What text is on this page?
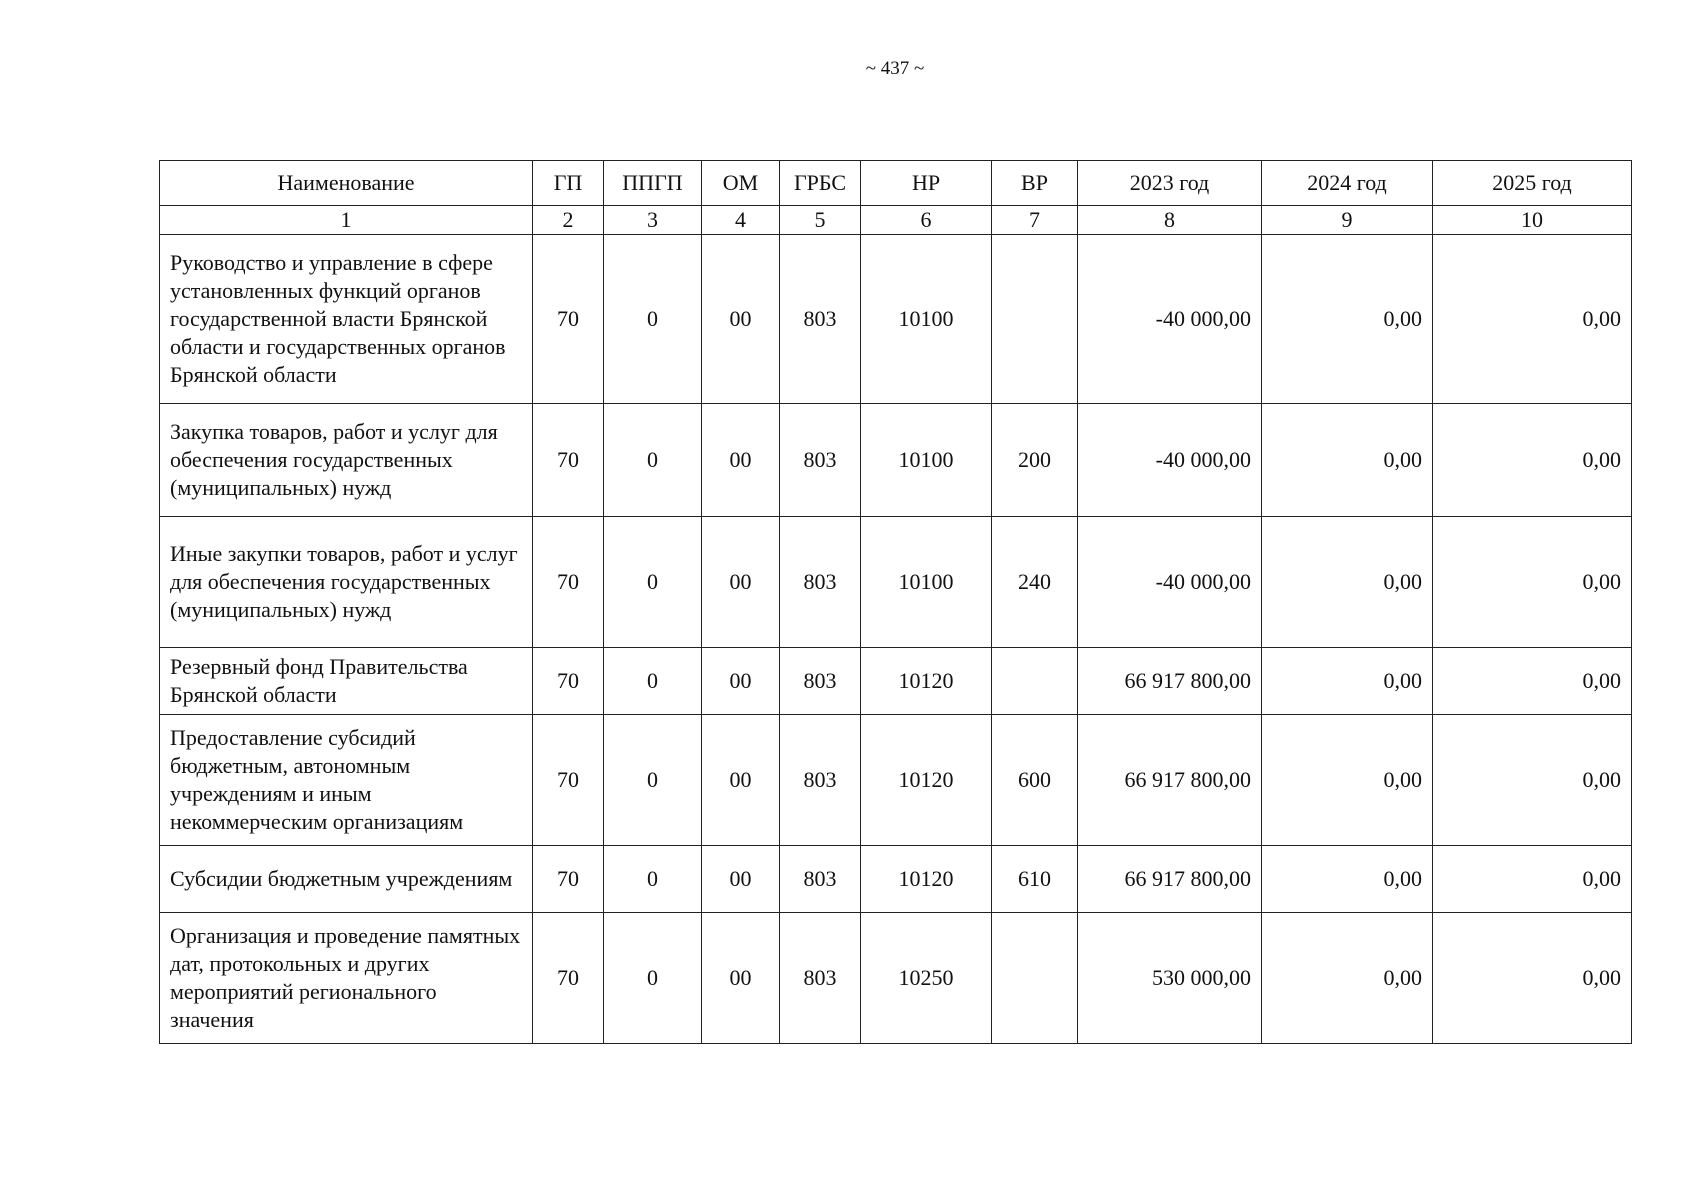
~ 437 ~
Наименование	ГП	ППГП	ОМ	ГРБС	НР	ВР	2023 год	2024 год	2025 год
1	2	3	4	5	6	7	8	9	10
Руководство и управление в сфере установленных функций органов государственной власти Брянской области и государственных органов Брянской области	70	0	00	803	10100		-40 000,00	0,00	0,00
Закупка товаров, работ и услуг для обеспечения государственных (муниципальных) нужд	70	0	00	803	10100	200	-40 000,00	0,00	0,00
Иные закупки товаров, работ и услуг для обеспечения государственных (муниципальных) нужд	70	0	00	803	10100	240	-40 000,00	0,00	0,00
Резервный фонд Правительства Брянской области	70	0	00	803	10120		66 917 800,00	0,00	0,00
Предоставление субсидий бюджетным, автономным учреждениям и иным некоммерческим организациям	70	0	00	803	10120	600	66 917 800,00	0,00	0,00
Субсидии бюджетным учреждениям	70	0	00	803	10120	610	66 917 800,00	0,00	0,00
Организация и проведение памятных дат, протокольных и других мероприятий регионального значения	70	0	00	803	10250		530 000,00	0,00	0,00
